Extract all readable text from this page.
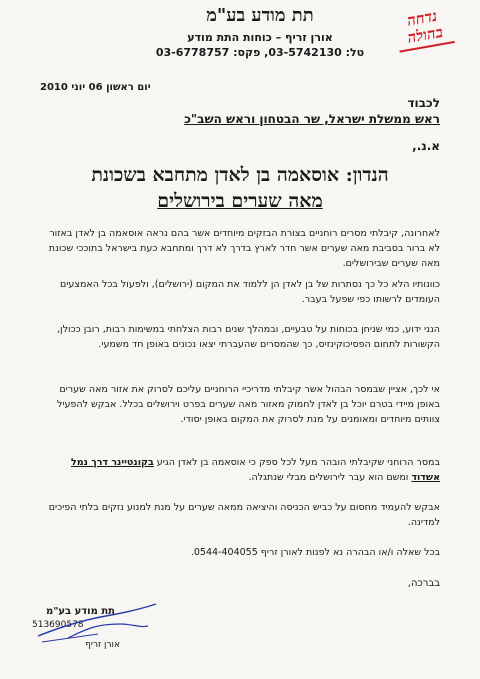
תת מודע בע"מ
אורן זריף – כוחות התת מודע
טל: 03-5742130, פקס: 03-6778757
נדחה
בהולה
יום ראשון 06 יוני 2010
לכבוד
ראש ממשלת ישראל, שר הבטחון וראש השב"כ
א.נ.,
הנדון: אוסאמה בן לאדן מתחבא בשכונת
מאה שערים בירושלים
לאחרונה, קיבלתי מסרים רוחניים בצורת הבזקים מיוחדים אשר בהם נראה אוסאמה בן לאדן באזור לא ברור בסביבת מאה שערים אשר חדר לארץ בדרך לא דרך ומתחבא כעת בישראל בתוככי שכונת מאה שערים שבירושלים.
כוונותיו הלא כל כך נסתרות של בן לאדן הן ללמוד את המקום (ירושלים), ולפעול בכל האמצעים העומדים לרשותו כפי שפעל בעבר.
הנני ידוע, כמי שניחן בכוחות על טבעיים, ובמהלך שנים רבות הצלחתי במשימות רבות, רובן ככולן, הקשורות לתחום הפסיכוקינזיס, כך שהמסרים שהעברתי יצאו נכונים באופן חד משמעי.
אי לכך, אציין שבמסר הבהול אשר קיבלתי מדריכיי הרוחניים עליכם לסרוק את אזור מאה שערים באופן מיידי בטרם יוכל בן לאדן לחמוק מאזור מאה שערים בפרט וירושלים בכלל. אבקש להפעיל צוותים מיוחדים ומאומנים על מנת לסרוק את המקום באופן יסודי.
במסר הרוחני שקיבלתי הובהר מעל לכל ספק כי אוסאמה בן לאדן הגיע בקונטיינר דרך נמל אשדוד ומשם הוא עבר לירושלים מבלי שנתגלה.
אבקש להעמיד מחסום על כביש הכניסה והיציאה ממאה שערים על מנת למנוע נזקים בלתי הפיכים למדינה.
בכל שאלה ו/או הבהרה נא לפנות לאורן זריף 0544-404055.
בברכה,
תת מודע בע"מ
513690578
אורן זריף
